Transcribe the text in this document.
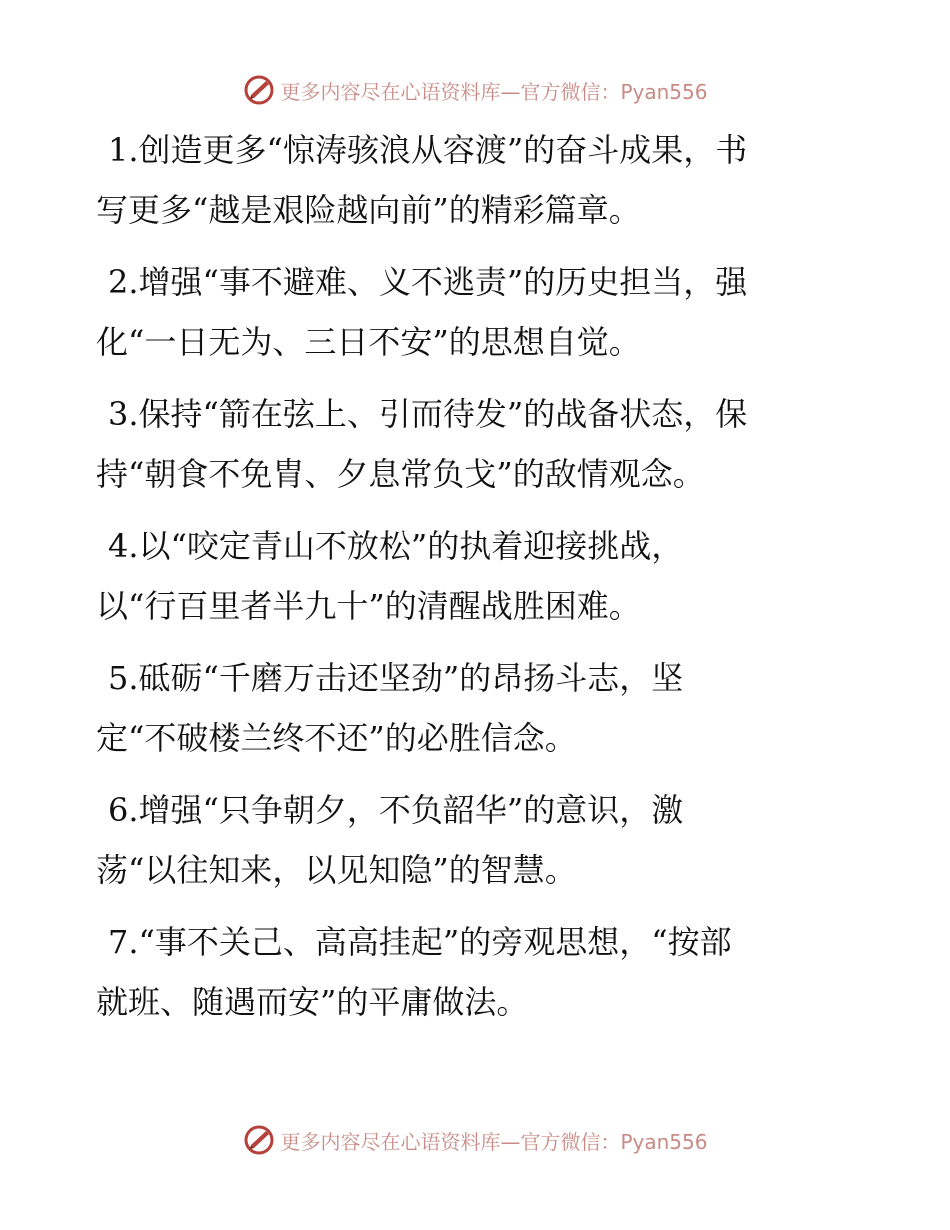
更多内容尽在心语资料库—官方微信：Pyan556

1.创造更多“惊涛骇浪从容渡”的奋斗成果，书
写更多“越是艰险越向前”的精彩篇章。

2.增强“事不避难、义不逃责”的历史担当，强
化“一日无为、三日不安”的思想自觉。

3.保持“箭在弦上、引而待发”的战备状态，保
持“朝食不免胄、夕息常负戈”的敌情观念。

4.以“咬定青山不放松”的执着迎接挑战，
以“行百里者半九十”的清醒战胜困难。

5.砥砺“千磨万击还坚劲”的昂扬斗志，坚
定“不破楼兰终不还”的必胜信念。

6.增强“只争朝夕，不负韶华”的意识，激
荡“以往知来，以见知隐”的智慧。

7.“事不关己、高高挂起”的旁观思想，“按部
就班、随遇而安”的平庸做法。

更多内容尽在心语资料库—官方微信：Pyan556
